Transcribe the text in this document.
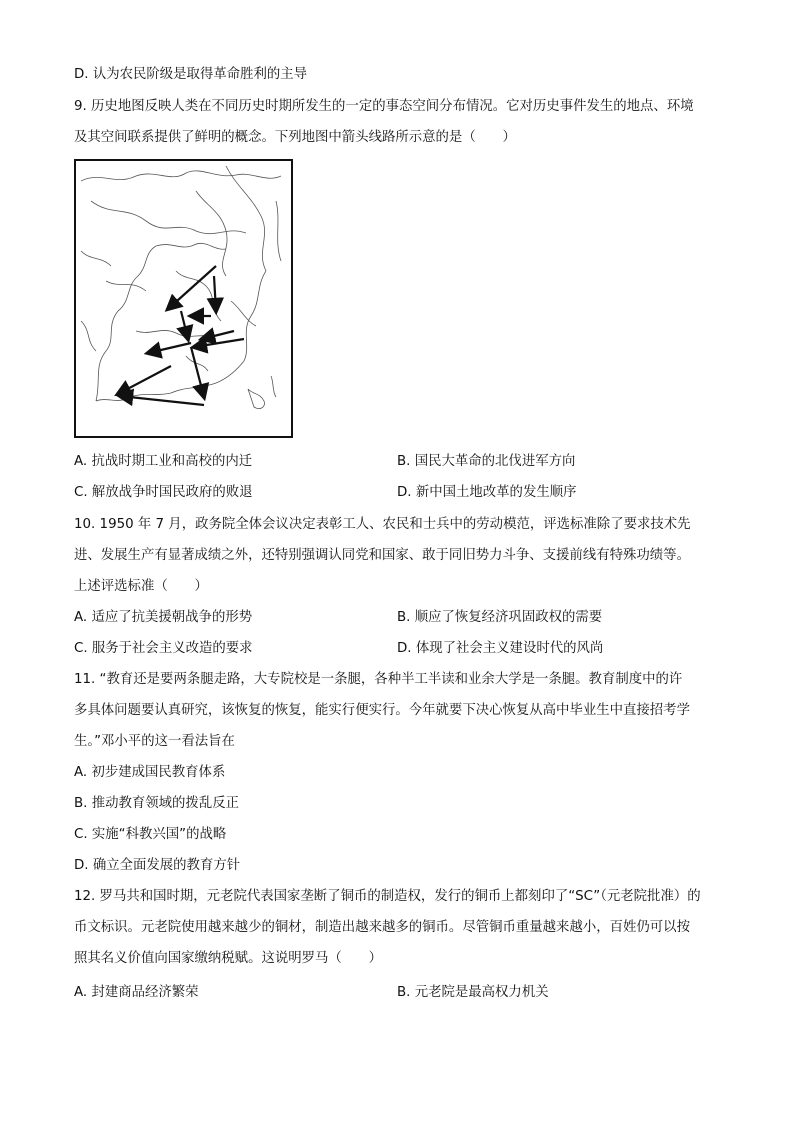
D. 认为农民阶级是取得革命胜利的主导
9. 历史地图反映人类在不同历史时期所发生的一定的事态空间分布情况。它对历史事件发生的地点、环境
及其空间联系提供了鲜明的概念。下列地图中箭头线路所示意的是（　　）
A. 抗战时期工业和高校的内迁	B. 国民大革命的北伐进军方向
C. 解放战争时国民政府的败退	D. 新中国土地改革的发生顺序
10. 1950 年 7 月，政务院全体会议决定表彰工人、农民和士兵中的劳动模范，评选标准除了要求技术先
进、发展生产有显著成绩之外，还特别强调认同党和国家、敢于同旧势力斗争、支援前线有特殊功绩等。
上述评选标准（　　）
A. 适应了抗美援朝战争的形势	B. 顺应了恢复经济巩固政权的需要
C. 服务于社会主义改造的要求	D. 体现了社会主义建设时代的风尚
11. “教育还是要两条腿走路，大专院校是一条腿，各种半工半读和业余大学是一条腿。教育制度中的许
多具体问题要认真研究，该恢复的恢复，能实行便实行。今年就要下决心恢复从高中毕业生中直接招考学
生。”邓小平的这一看法旨在
A. 初步建成国民教育体系
B. 推动教育领域的拨乱反正
C. 实施“科教兴国”的战略
D. 确立全面发展的教育方针
12. 罗马共和国时期，元老院代表国家垄断了铜币的制造权，发行的铜币上都刻印了“SC”（元老院批准）的
币文标识。元老院使用越来越少的铜材，制造出越来越多的铜币。尽管铜币重量越来越小，百姓仍可以按
照其名义价值向国家缴纳税赋。这说明罗马（　　）
A. 封建商品经济繁荣	B. 元老院是最高权力机关
